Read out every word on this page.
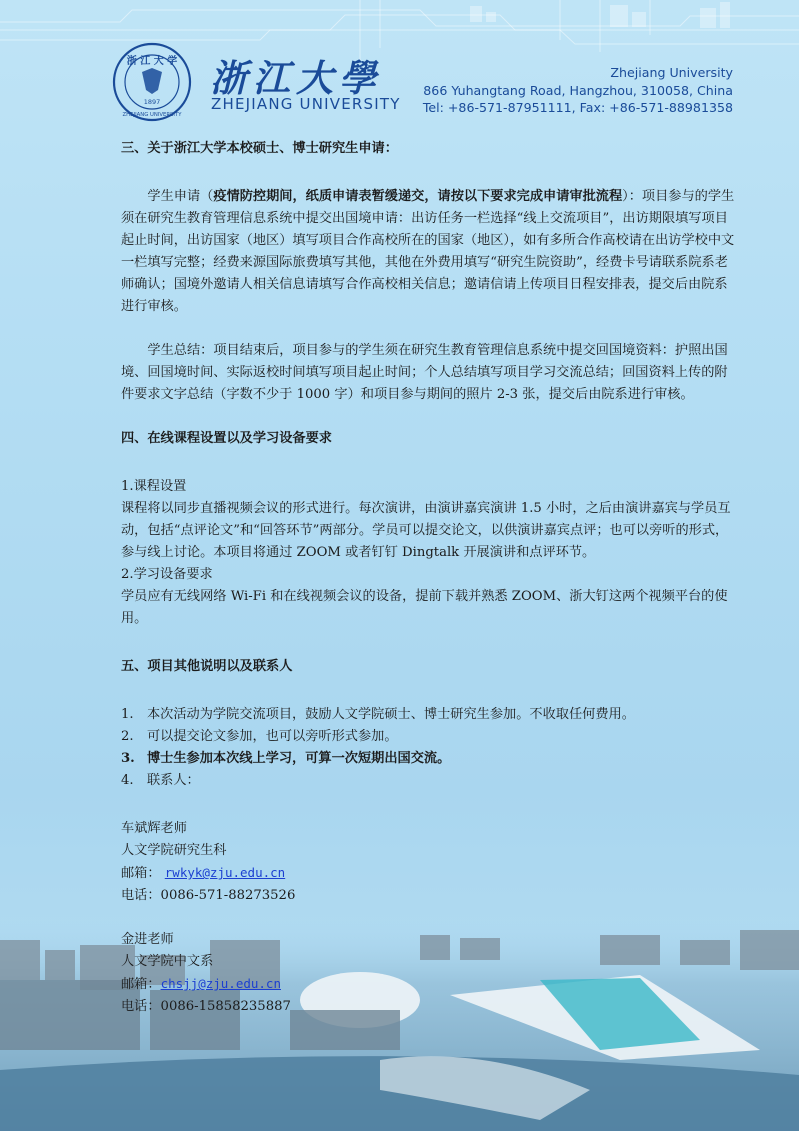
浙 江 大 学
1897
ZHEJIANG UNIVERSITY
浙江大學
ZHEJIANG UNIVERSITY
Zhejiang University
866 Yuhangtang Road, Hangzhou, 310058, China
Tel: +86-571-87951111, Fax: +86-571-88981358

三、关于浙江大学本校硕士、博士研究生申请：

学生申请（疫情防控期间，纸质申请表暂缓递交，请按以下要求完成申请审批流程）：项目参与的学生须在研究生教育管理信息系统中提交出国境申请：出访任务一栏选择“线上交流项目”，出访期限填写项目起止时间，出访国家（地区）填写项目合作高校所在的国家（地区），如有多所合作高校请在出访学校中文一栏填写完整；经费来源国际旅费填写其他，其他在外费用填写“研究生院资助”，经费卡号请联系院系老师确认；国境外邀请人相关信息请填写合作高校相关信息；邀请信请上传项目日程安排表，提交后由院系进行审核。

学生总结：项目结束后，项目参与的学生须在研究生教育管理信息系统中提交回国境资料：护照出国境、回国境时间、实际返校时间填写项目起止时间；个人总结填写项目学习交流总结；回国资料上传的附件要求文字总结（字数不少于 1000 字）和项目参与期间的照片 2-3 张，提交后由院系进行审核。

四、在线课程设置以及学习设备要求

1.课程设置

课程将以同步直播视频会议的形式进行。每次演讲，由演讲嘉宾演讲 1.5 小时，之后由演讲嘉宾与学员互动，包括“点评论文”和“回答环节”两部分。学员可以提交论文，以供演讲嘉宾点评；也可以旁听的形式，参与线上讨论。本项目将通过 ZOOM 或者钉钉 Dingtalk 开展演讲和点评环节。

2.学习设备要求

学员应有无线网络 Wi-Fi 和在线视频会议的设备，提前下载并熟悉 ZOOM、浙大钉这两个视频平台的使用。

五、项目其他说明以及联系人

1.	本次活动为学院交流项目，鼓励人文学院硕士、博士研究生参加。不收取任何费用。
2.	可以提交论文参加，也可以旁听形式参加。
3. 博士生参加本次线上学习，可算一次短期出国交流。
4.	联系人：

车斌辉老师

人文学院研究生科

邮箱： rwkyk@zju.edu.cn

电话：0086-571-88273526

金进老师

人文学院中文系

邮箱：chsjj@zju.edu.cn

电话：0086-15858235887
